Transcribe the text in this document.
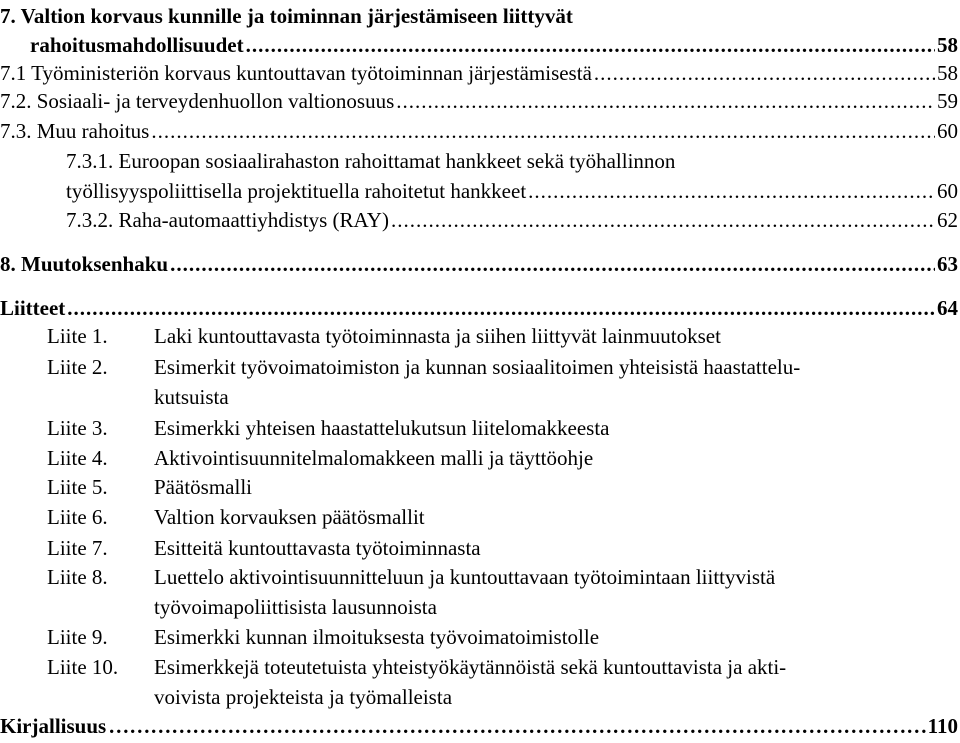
7. Valtion korvaus kunnille ja toiminnan järjestämiseen liittyvät
rahoitusmahdollisuudet .....	58
7.1 Työministeriön korvaus kuntouttavan työtoiminnan järjestämisestä .....	58
7.2. Sosiaali- ja terveydenhuollon valtionosuus .....	59
7.3. Muu rahoitus .....	60
7.3.1. Euroopan sosiaalirahaston rahoittamat hankkeet sekä työhallinnon
työllisyyspoliittisella projektituella rahoitetut hankkeet .....	60
7.3.2. Raha-automaattiyhdistys (RAY) .....	62
8. Muutoksenhaku .....	63
Liitteet .....	64
Liite 1. Laki kuntouttavasta työtoiminnasta ja siihen liittyvät lainmuutokset
Liite 2. Esimerkit työvoimatoimiston ja kunnan sosiaalitoimen yhteisistä haastattelu-
kutsuista
Liite 3. Esimerkki yhteisen haastattelukutsun liitelomakkeesta
Liite 4. Aktivointisuunnitelmalomakkeen malli ja täyttöohje
Liite 5. Päätösmalli
Liite 6. Valtion korvauksen päätösmallit
Liite 7. Esitteitä kuntouttavasta työtoiminnasta
Liite 8. Luettelo aktivointisuunnitteluun ja kuntouttavaan työtoimintaan liittyvistä
työvoimapoliittisista lausunnoista
Liite 9. Esimerkki kunnan ilmoituksesta työvoimatoimistolle
Liite 10. Esimerkkejä toteutetuista yhteistyökäytännöistä sekä kuntouttavista ja akti-
voivista projekteista ja työmalleista
Kirjallisuus ……………………………………………………………………………………………………………………………………	110
